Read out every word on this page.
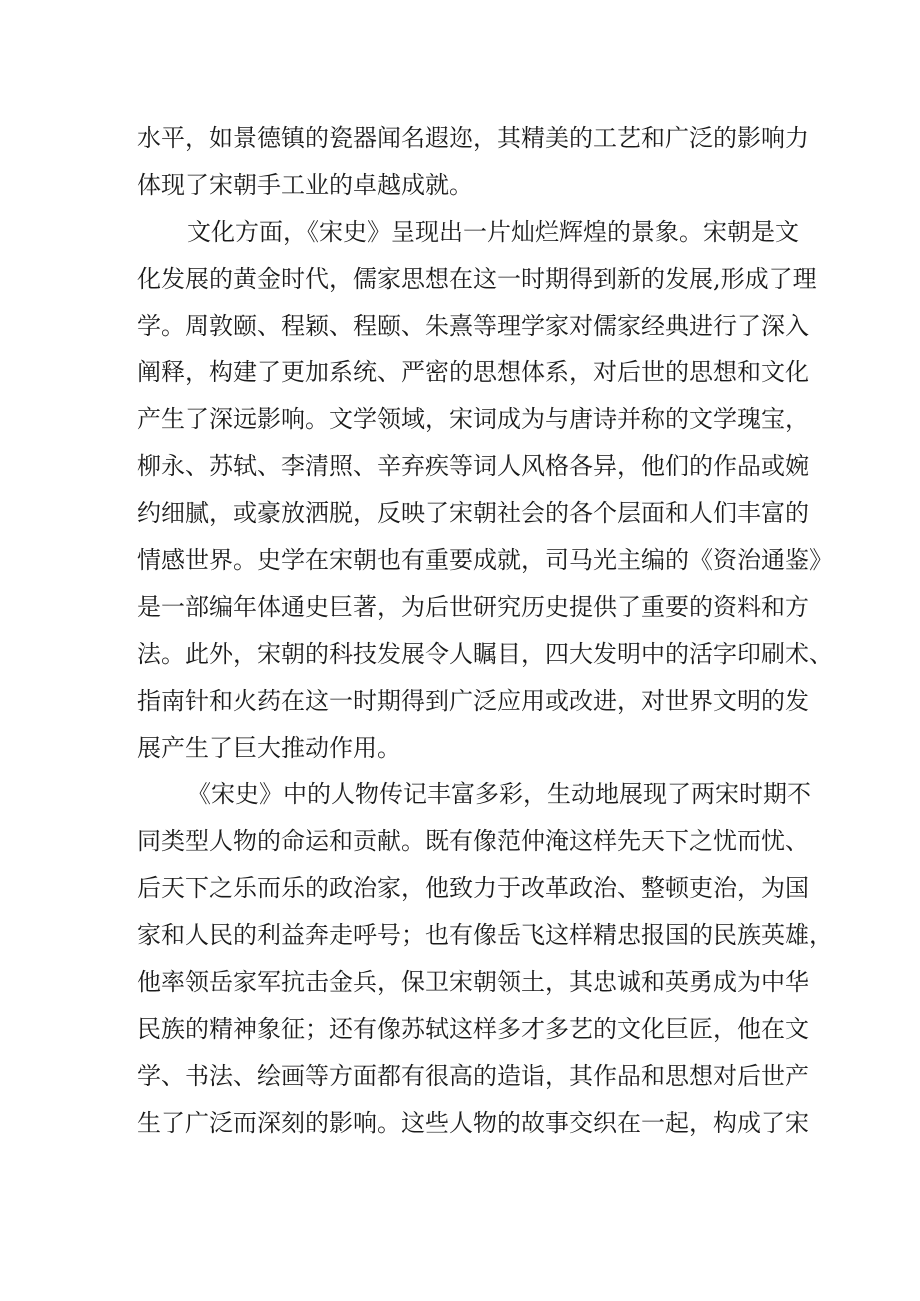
水平，如景德镇的瓷器闻名遐迩，其精美的工艺和广泛的影响力
体现了宋朝手工业的卓越成就。
文化方面，《宋史》呈现出一片灿烂辉煌的景象。宋朝是文
化发展的黄金时代，儒家思想在这一时期得到新的发展,形成了理
学。周敦颐、程颖、程颐、朱熹等理学家对儒家经典进行了深入
阐释，构建了更加系统、严密的思想体系，对后世的思想和文化
产生了深远影响。文学领域，宋词成为与唐诗并称的文学瑰宝，
柳永、苏轼、李清照、辛弃疾等词人风格各异，他们的作品或婉
约细腻，或豪放洒脱，反映了宋朝社会的各个层面和人们丰富的
情感世界。史学在宋朝也有重要成就，司马光主编的《资治通鉴》
是一部编年体通史巨著，为后世研究历史提供了重要的资料和方
法。此外，宋朝的科技发展令人瞩目，四大发明中的活字印刷术、
指南针和火药在这一时期得到广泛应用或改进，对世界文明的发
展产生了巨大推动作用。
《宋史》中的人物传记丰富多彩，生动地展现了两宋时期不
同类型人物的命运和贡献。既有像范仲淹这样先天下之忧而忧、
后天下之乐而乐的政治家，他致力于改革政治、整顿吏治，为国
家和人民的利益奔走呼号；也有像岳飞这样精忠报国的民族英雄，
他率领岳家军抗击金兵，保卫宋朝领土，其忠诚和英勇成为中华
民族的精神象征；还有像苏轼这样多才多艺的文化巨匠，他在文
学、书法、绘画等方面都有很高的造诣，其作品和思想对后世产
生了广泛而深刻的影响。这些人物的故事交织在一起，构成了宋
